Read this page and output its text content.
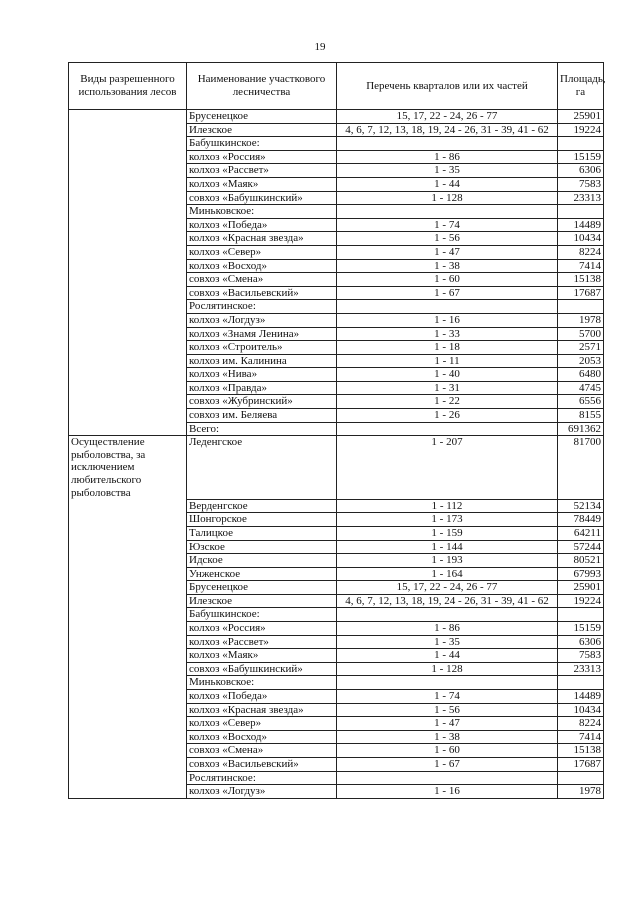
19
Виды разрешенного использования лесов	Наименование участкового лесничества	Перечень кварталов или их частей	Площадь, га
	Брусенецкое	15, 17, 22 - 24, 26 - 77	25901
	Илезское	4, 6, 7, 12, 13, 18, 19, 24 - 26, 31 - 39, 41 - 62	19224
	Бабушкинское:		
	колхоз «Россия»	1 - 86	15159
	колхоз «Рассвет»	1 - 35	6306
	колхоз «Маяк»	1 - 44	7583
	совхоз «Бабушкинский»	1 - 128	23313
	Миньковское:		
	колхоз «Победа»	1 - 74	14489
	колхоз «Красная звезда»	1 - 56	10434
	колхоз «Север»	1 - 47	8224
	колхоз «Восход»	1 - 38	7414
	совхоз «Смена»	1 - 60	15138
	совхоз «Васильевский»	1 - 67	17687
	Рослятинское:		
	колхоз «Логдуз»	1 - 16	1978
	колхоз «Знамя Ленина»	1 - 33	5700
	колхоз «Строитель»	1 - 18	2571
	колхоз им. Калинина	1 - 11	2053
	колхоз «Нива»	1 - 40	6480
	колхоз «Правда»	1 - 31	4745
	совхоз «Жубринский»	1 - 22	6556
	совхоз им. Беляева	1 - 26	8155
	Всего:		691362
Осуществление рыболовства, за исключением любительского рыболовства	Леденгское	1 - 207	81700
	Верденгское	1 - 112	52134
	Шонгорское	1 - 173	78449
	Талицкое	1 - 159	64211
	Юзское	1 - 144	57244
	Идское	1 - 193	80521
	Унженское	1 - 164	67993
	Брусенецкое	15, 17, 22 - 24, 26 - 77	25901
	Илезское	4, 6, 7, 12, 13, 18, 19, 24 - 26, 31 - 39, 41 - 62	19224
	Бабушкинское:		
	колхоз «Россия»	1 - 86	15159
	колхоз «Рассвет»	1 - 35	6306
	колхоз «Маяк»	1 - 44	7583
	совхоз «Бабушкинский»	1 - 128	23313
	Миньковское:		
	колхоз «Победа»	1 - 74	14489
	колхоз «Красная звезда»	1 - 56	10434
	колхоз «Север»	1 - 47	8224
	колхоз «Восход»	1 - 38	7414
	совхоз «Смена»	1 - 60	15138
	совхоз «Васильевский»	1 - 67	17687
	Рослятинское:		
	колхоз «Логдуз»	1 - 16	1978
